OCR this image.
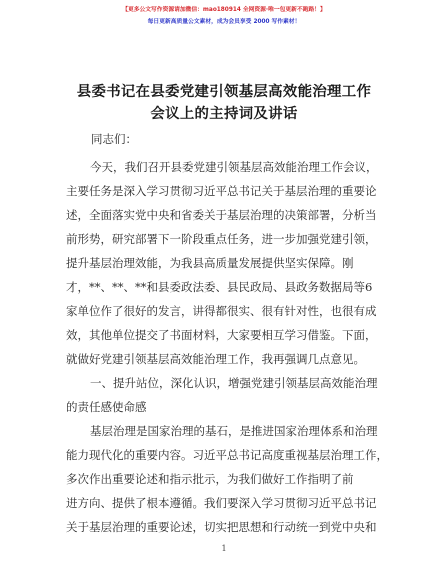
【更多公文写作资源请加微信：mao180914 全网资源·唯一包更新不跑路！】
每日更新高质量公文素材，成为会员享受 2000 写作素材！
县委书记在县委党建引领基层高效能治理工作
会议上的主持词及讲话
同志们：
今天，我们召开县委党建引领基层高效能治理工作会议，
主要任务是深入学习贯彻习近平总书记关于基层治理的重要论
述，全面落实党中央和省委关于基层治理的决策部署，分析当
前形势，研究部署下一阶段重点任务，进一步加强党建引领，
提升基层治理效能，为我县高质量发展提供坚实保障。刚
才，**、**、**和县委政法委、县民政局、县政务数据局等6
家单位作了很好的发言，讲得都很实、很有针对性，也很有成
效，其他单位提交了书面材料，大家要相互学习借鉴。下面，
就做好党建引领基层高效能治理工作，我再强调几点意见。
一、提升站位，深化认识，增强党建引领基层高效能治理
的责任感使命感
基层治理是国家治理的基石，是推进国家治理体系和治理
能力现代化的重要内容。习近平总书记高度重视基层治理工作，
多次作出重要论述和指示批示，为我们做好工作指明了前
进方向、提供了根本遵循。我们要深入学习贯彻习近平总书记
关于基层治理的重要论述，切实把思想和行动统一到党中央和
1
